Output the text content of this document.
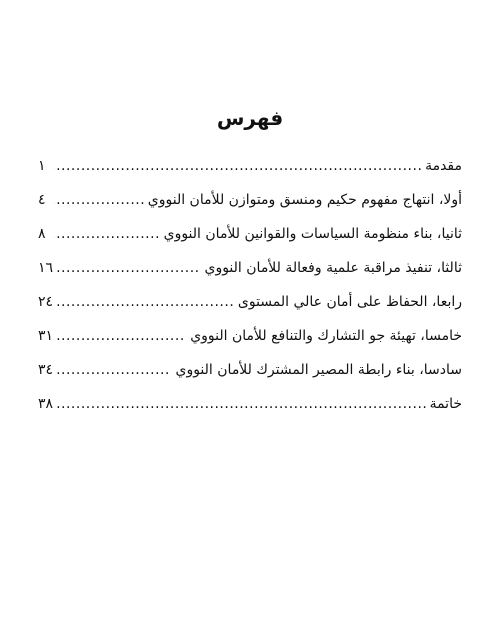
فهرس
مقدمة
١
.....
أولا، انتهاج مفهوم حكيم ومنسق ومتوازن للأمان النووي
٤
.....
ثانيا، بناء منظومة السياسات والقوانين للأمان النووي
٨
.....
ثالثا، تنفيذ مراقبة علمية وفعالة للأمان النووي
١٦
.....
رابعا، الحفاظ على أمان عالي المستوى
٢٤
.....
خامسا، تهيئة جو التشارك والتنافع للأمان النووي
٣١
.....
سادسا، بناء رابطة المصير المشترك للأمان النووي
٣٤
.....
خاتمة
٣٨
.....
